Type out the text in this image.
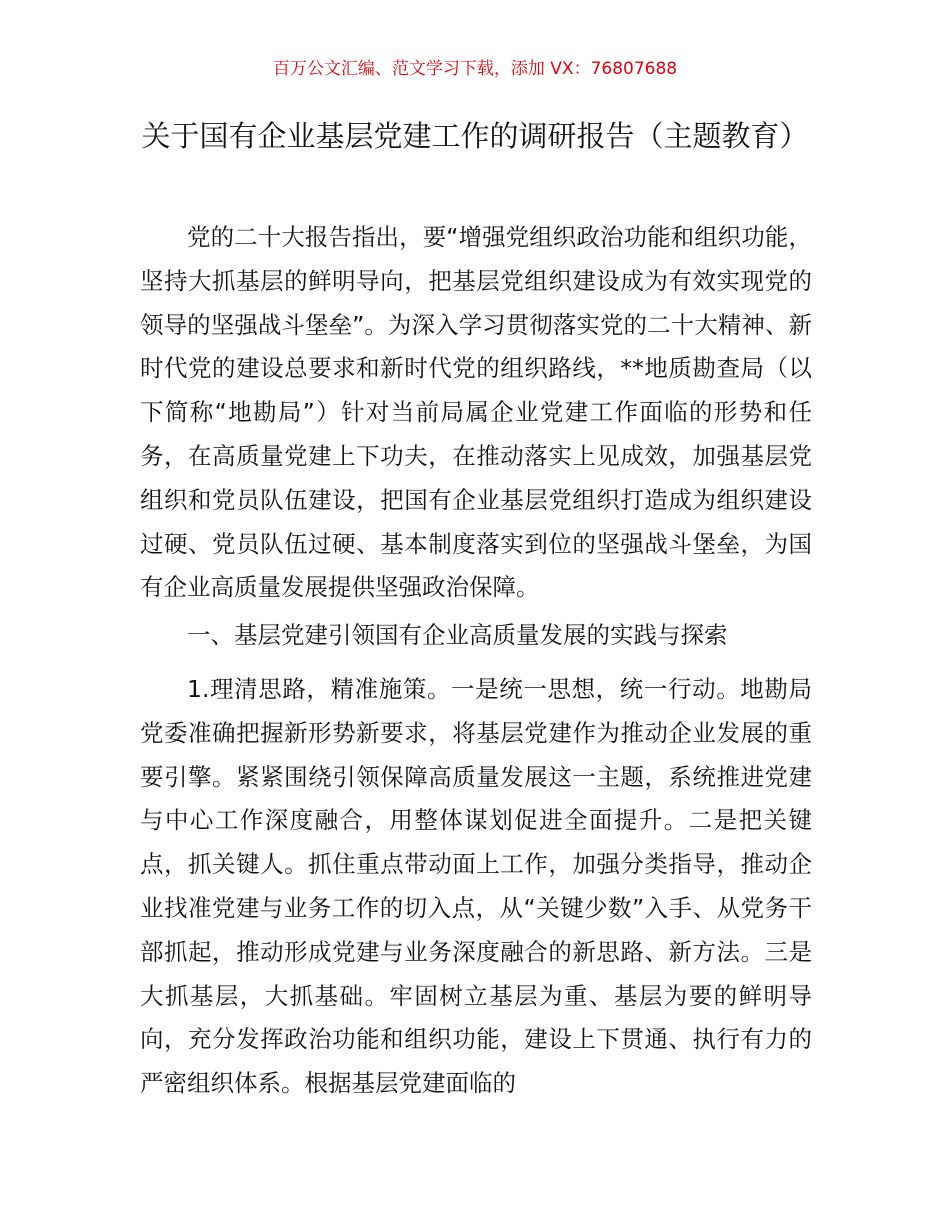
百万公文汇编、范文学习下载，添加 VX：76807688
关于国有企业基层党建工作的调研报告（主题教育）

党的二十大报告指出，要“增强党组织政治功能和组织功能，坚持大抓基层的鲜明导向，把基层党组织建设成为有效实现党的领导的坚强战斗堡垒”。为深入学习贯彻落实党的二十大精神、新时代党的建设总要求和新时代党的组织路线，**地质勘查局（以下简称“地勘局”）针对当前局属企业党建工作面临的形势和任务，在高质量党建上下功夫，在推动落实上见成效，加强基层党组织和党员队伍建设，把国有企业基层党组织打造成为组织建设过硬、党员队伍过硬、基本制度落实到位的坚强战斗堡垒，为国有企业高质量发展提供坚强政治保障。

一、基层党建引领国有企业高质量发展的实践与探索

1.理清思路，精准施策。一是统一思想，统一行动。地勘局党委准确把握新形势新要求，将基层党建作为推动企业发展的重要引擎。紧紧围绕引领保障高质量发展这一主题，系统推进党建与中心工作深度融合，用整体谋划促进全面提升。二是把关键点，抓关键人。抓住重点带动面上工作，加强分类指导，推动企业找准党建与业务工作的切入点，从“关键少数”入手、从党务干部抓起，推动形成党建与业务深度融合的新思路、新方法。三是大抓基层，大抓基础。牢固树立基层为重、基层为要的鲜明导向，充分发挥政治功能和组织功能，建设上下贯通、执行有力的严密组织体系。根据基层党建面临的
